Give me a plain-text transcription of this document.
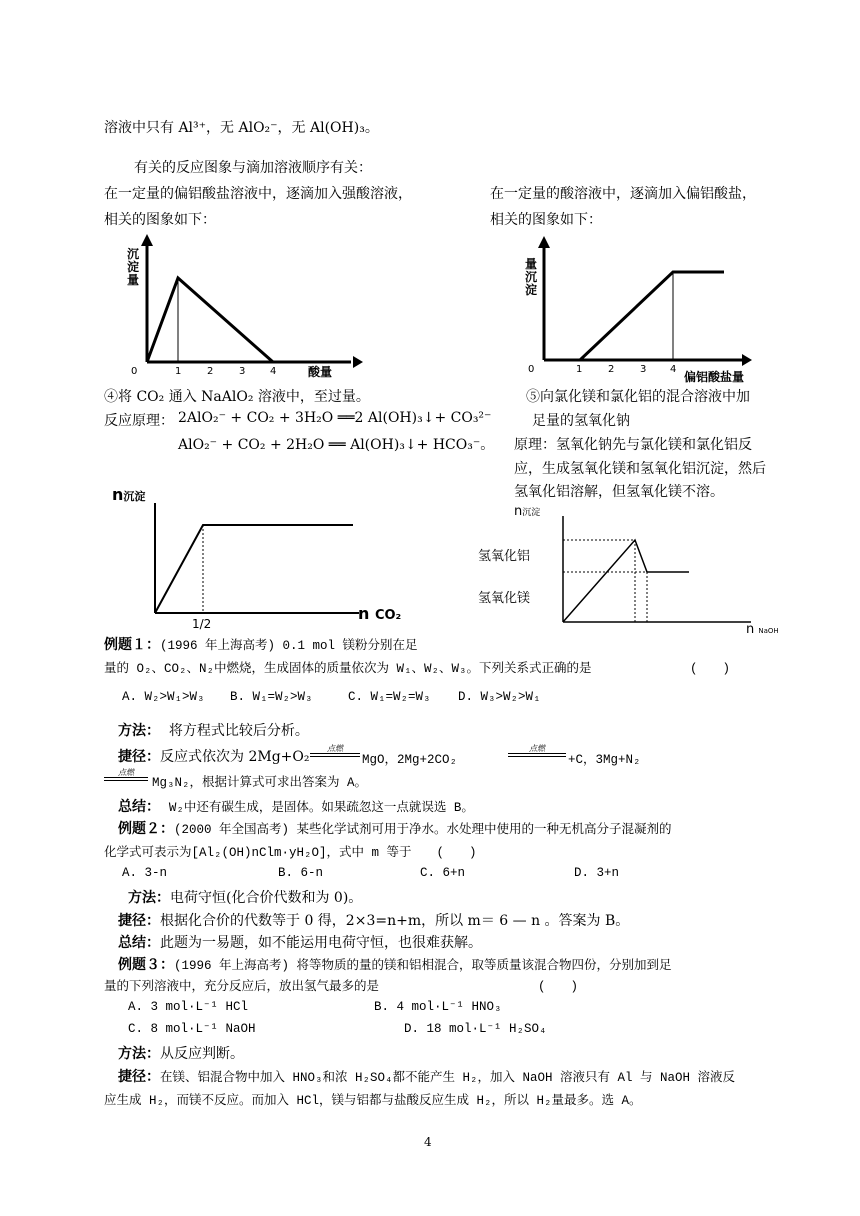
溶液中只有 Al³⁺，无 AlO₂⁻，无 Al(OH)₃。
有关的反应图象与滴加溶液顺序有关：
在一定量的偏铝酸盐溶液中，逐滴加入强酸溶液，
相关的图象如下：
在一定量的酸溶液中，逐滴加入偏铝酸盐，
相关的图象如下：
0	1	2	3 4
沉淀量
酸量	0	1	2	3 4
量沉淀
偏铝酸盐量
④将 CO₂ 通入 NaAlO₂ 溶液中，至过量。
反应原理： 2AlO₂⁻ + CO₂ + 3H₂O ══2 Al(OH)₃↓+ CO₃²⁻
AlO₂⁻ + CO₂ + 2H₂O ══ Al(OH)₃↓+ HCO₃⁻。
⑤向氯化镁和氯化铝的混合溶液中加
足量的氢氧化钠
原理：氢氧化钠先与氯化镁和氯化铝反
应，生成氢氧化镁和氢氧化铝沉淀，然后
氢氧化铝溶解，但氢氧化镁不溶。
n沉淀
1/2
n CO₂
n沉淀
氢氧化铝
氢氧化镁
n NaOH
例题１：(1996 年上海高考) 0.1 mol 镁粉分别在足
量的 O₂、CO₂、N₂中燃烧，生成固体的质量依次为 W₁、W₂、W₃。下列关系式正确的是	(　　)
A. W₂>W₁>W₃ B. W₁=W₂>W₃	C. W₁=W₂=W₃ D. W₃>W₂>W₁
方法： 将方程式比较后分析。
捷径：反应式依次为 2Mg+O₂
点燃
MgO，2Mg+2CO₂
点燃
+C，3Mg+N₂
点燃
Mg₃N₂，根据计算式可求出答案为 A。
总结： W₂中还有碳生成，是固体。如果疏忽这一点就误选 B。
例题２：(2000 年全国高考) 某些化学试剂可用于净水。水处理中使用的一种无机高分子混凝剂的
化学式可表示为[Al₂(OH)nClm·yH₂O]，式中 m 等于　　(　　)
A. 3-n	B. 6-n	C. 6+n	D. 3+n
方法：电荷守恒(化合价代数和为 0)。
捷径：根据化合价的代数等于 0 得，2×3=n+m，所以 m＝ 6 — n 。答案为 B。
总结：此题为一易题，如不能运用电荷守恒，也很难获解。
例题３：(1996 年上海高考) 将等物质的量的镁和铝相混合，取等质量该混合物四份，分别加到足
量的下列溶液中，充分反应后，放出氢气最多的是	(　　)
A. 3 mol·L⁻¹ HCl	B. 4 mol·L⁻¹ HNO₃
C. 8 mol·L⁻¹ NaOH	D. 18 mol·L⁻¹ H₂SO₄
方法：从反应判断。
捷径：在镁、铝混合物中加入 HNO₃和浓 H₂SO₄都不能产生 H₂，加入 NaOH 溶液只有 Al 与 NaOH 溶液反
应生成 H₂，而镁不反应。而加入 HCl，镁与铝都与盐酸反应生成 H₂，所以 H₂量最多。选 A。
4
